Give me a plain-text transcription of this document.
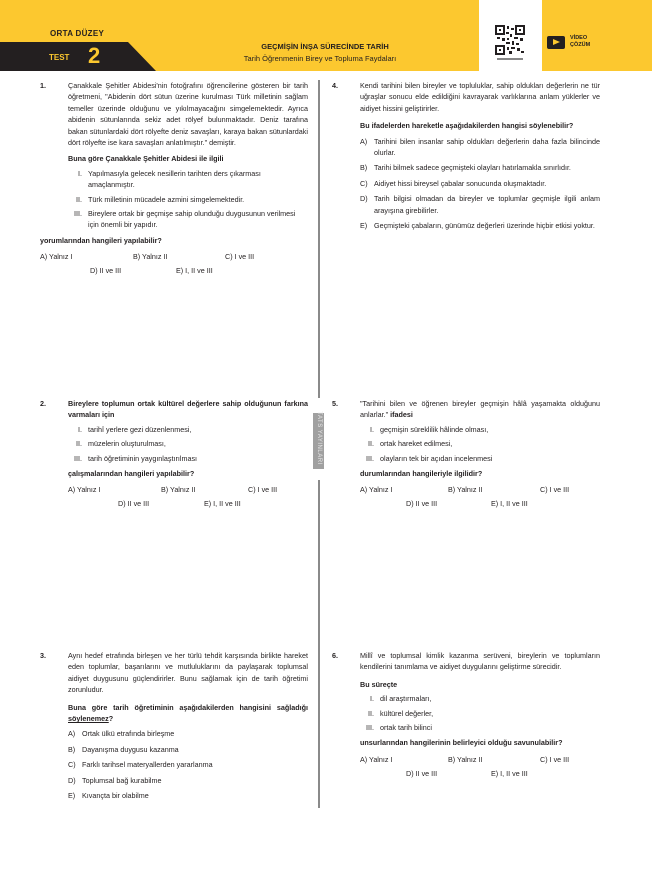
ORTA DÜZEY
TEST 2	GEÇMİŞİN İNŞA SÜRECİNDE TARİH
Tarih Öğrenmenin Birey ve Topluma Faydaları
VİDEO
ÇÖZÜM
TATS YAYINLARI
1.	Çanakkale Şehitler Abidesi'nin fotoğrafını öğrencilerine gösteren bir tarih öğretmeni, "Abidenin dört sütun üzerine kurulması Türk milletinin sağlam temeller üzerinde olduğunu ve yıkılmayacağını simgelemektedir. Ayrıca abidenin sütunlarında sekiz adet rölyef bulunmaktadır. Deniz tarafına bakan sütunlardaki dört rölyefte deniz savaşları, karaya bakan sütunlardaki dört rölyefte ise kara savaşları anlatılmıştır." demiştir.

Buna göre Çanakkale Şehitler Abidesi ile ilgili

I. Yapılmasıyla gelecek nesillerin tarihten ders çıkarması amaçlanmıştır.
II. Türk milletinin mücadele azmini simgelemektedir.
III. Bireylere ortak bir geçmişe sahip olunduğu duygusunun verilmesi için önemli bir yapıdır.

yorumlarından hangileri yapılabilir?

A) Yalnız I	B) Yalnız II	C) I ve III
D) II ve III	E) I, II ve III
2.	Bireylere toplumun ortak kültürel değerlere sahip olduğunun farkına varmaları için

I. tarihî yerlere gezi düzenlenmesi,
II. müzelerin oluşturulması,
III. tarih öğretiminin yaygınlaştırılması

çalışmalarından hangileri yapılabilir?

A) Yalnız I	B) Yalnız II	C) I ve III
D) II ve III	E) I, II ve III
3.	Aynı hedef etrafında birleşen ve her türlü tehdit karşısında birlikte hareket eden toplumlar, başarılarını ve mutluluklarını da paylaşarak toplumsal aidiyet duygusunu güçlendirirler. Bunu sağlamak için de tarih öğretimi zorunludur.

Buna göre tarih öğretiminin aşağıdakilerden hangisini sağladığı söylenemez?

A) Ortak ülkü etrafında birleşme
B) Dayanışma duygusu kazanma
C) Farklı tarihsel materyallerden yararlanma
D) Toplumsal bağ kurabilme
E) Kıvançta bir olabilme
4.	Kendi tarihini bilen bireyler ve topluluklar, sahip oldukları değerlerin ne tür uğraşlar sonucu elde edildiğini kavrayarak varlıklarına anlam yüklerler ve aidiyet hissini geliştirirler.

Bu ifadelerden hareketle aşağıdakilerden hangisi söylenebilir?

A) Tarihini bilen insanlar sahip oldukları değerlerin daha fazla bilincinde olurlar.
B) Tarihi bilmek sadece geçmişteki olayları hatırlamakla sınırlıdır.
C) Aidiyet hissi bireysel çabalar sonucunda oluşmaktadır.
D) Tarih bilgisi olmadan da bireyler ve toplumlar geçmişle ilgili anlam arayışına girebilirler.
E) Geçmişteki çabaların, günümüz değerleri üzerinde hiçbir etkisi yoktur.
5.	"Tarihini bilen ve öğrenen bireyler geçmişin hâlâ yaşamakta olduğunu anlarlar." ifadesi

I. geçmişin süreklilik hâlinde olması,
II. ortak hareket edilmesi,
III. olayların tek bir açıdan incelenmesi

durumlarından hangileriyle ilgilidir?

A) Yalnız I	B) Yalnız II	C) I ve III
D) II ve III	E) I, II ve III
6.	Millî ve toplumsal kimlik kazanma serüveni, bireylerin ve toplumların kendilerini tanımlama ve aidiyet duygularını geliştirme sürecidir.

Bu süreçte

I. dil araştırmaları,
II. kültürel değerler,
III. ortak tarih bilinci

unsurlarından hangilerinin belirleyici olduğu savunulabilir?

A) Yalnız I	B) Yalnız II	C) I ve III
D) II ve III	E) I, II ve III
